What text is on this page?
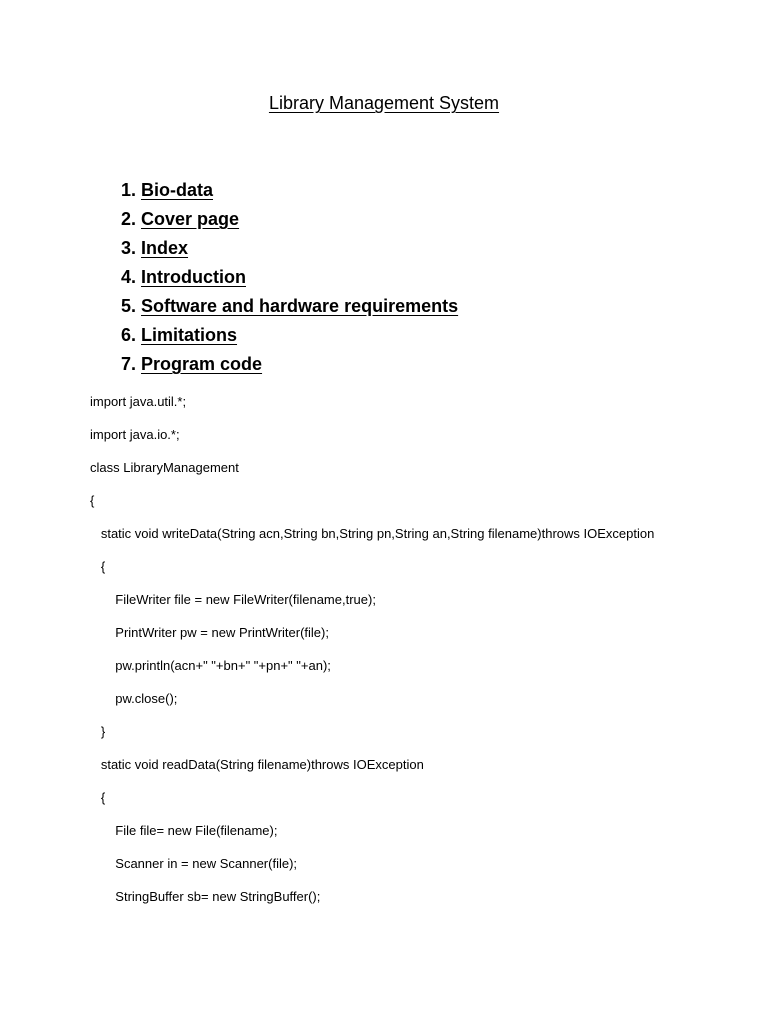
Library Management System
1. Bio-data
2. Cover page
3. Index
4. Introduction
5. Software and hardware requirements
6. Limitations
7. Program code
import java.util.*;
import java.io.*;
class LibraryManagement
{
static void writeData(String acn,String bn,String pn,String an,String filename)throws IOException
{
FileWriter file = new FileWriter(filename,true);
PrintWriter pw = new PrintWriter(file);
pw.println(acn+" "+bn+" "+pn+" "+an);
pw.close();
}
static void readData(String filename)throws IOException
{
File file= new File(filename);
Scanner in = new Scanner(file);
StringBuffer sb= new StringBuffer();
